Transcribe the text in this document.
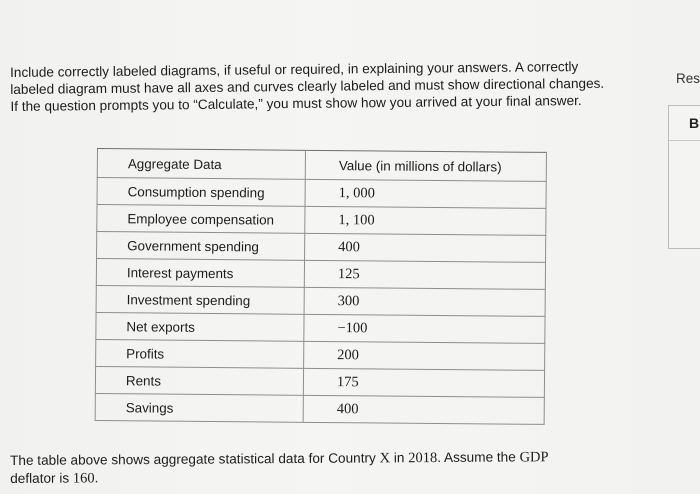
Include correctly labeled diagrams, if useful or required, in explaining your answers. A correctly

labeled diagram must have all axes and curves clearly labeled and must show directional changes.

If the question prompts you to “Calculate,” you must show how you arrived at your final answer.

Aggregate Data	Value (in millions of dollars)
Consumption spending	1, 000
Employee compensation	1, 100
Government spending	400
Interest payments	125
Investment spending	300
Net exports	−100
Profits	200
Rents	175
Savings	400

The table above shows aggregate statistical data for Country X in 2018. Assume the GDP

deflator is 160.

Res
B
